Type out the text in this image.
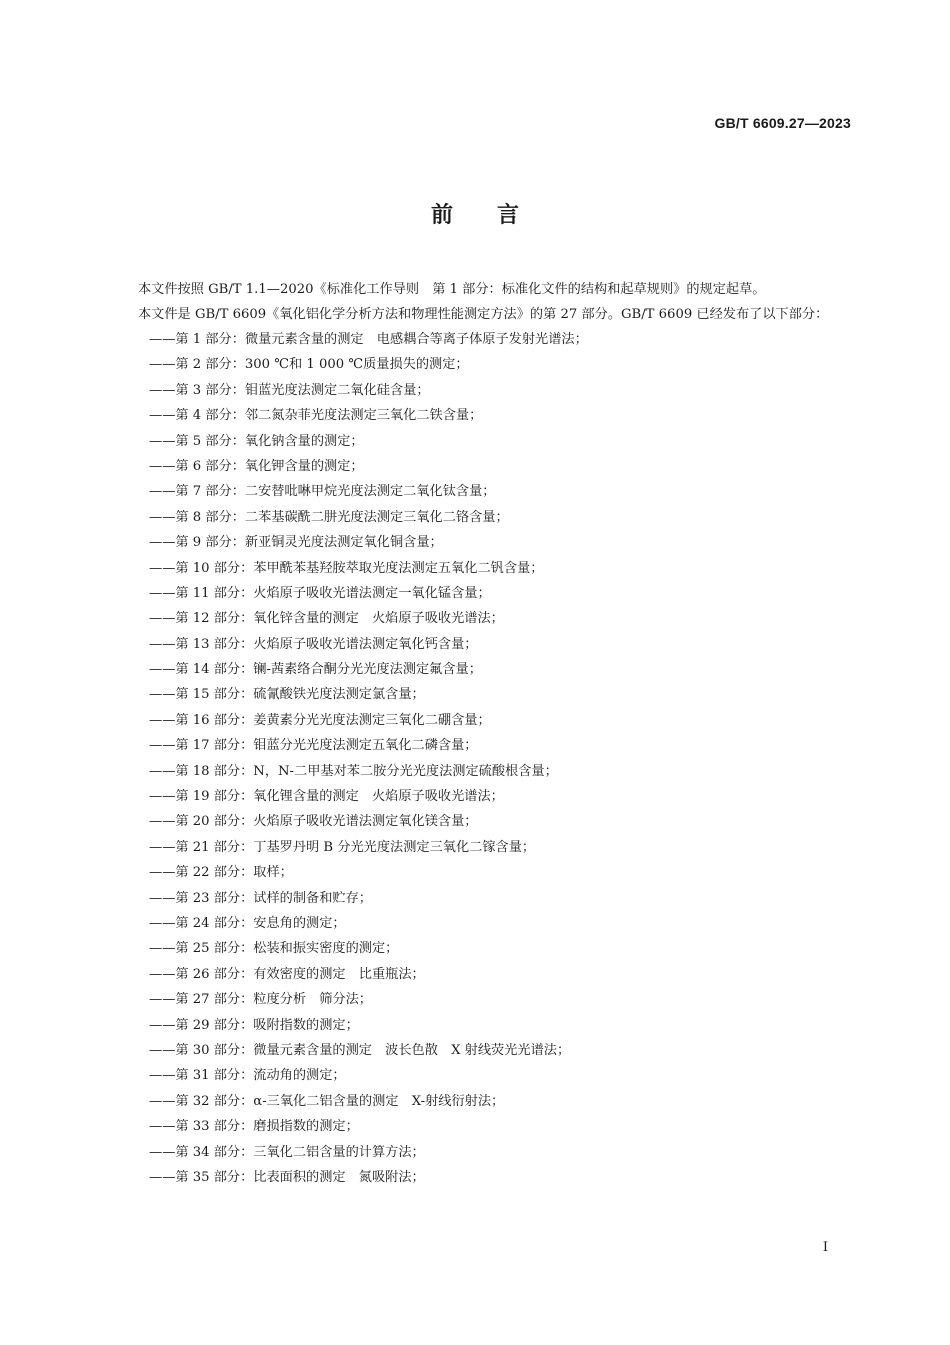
GB/T 6609.27—2023
前言

本文件按照 GB/T 1.1—2020《标准化工作导则　第 1 部分：标准化文件的结构和起草规则》的规定起草。

本文件是 GB/T 6609《氧化铝化学分析方法和物理性能测定方法》的第 27 部分。GB/T 6609 已经发布了以下部分：

——第 1 部分：微量元素含量的测定　电感耦合等离子体原子发射光谱法；
——第 2 部分：300 ℃和 1 000 ℃质量损失的测定；
——第 3 部分：钼蓝光度法测定二氧化硅含量；
——第 4 部分：邻二氮杂菲光度法测定三氧化二铁含量；
——第 5 部分：氧化钠含量的测定；
——第 6 部分：氧化钾含量的测定；
——第 7 部分：二安替吡啉甲烷光度法测定二氧化钛含量；
——第 8 部分：二苯基碳酰二肼光度法测定三氧化二铬含量；
——第 9 部分：新亚铜灵光度法测定氧化铜含量；
——第 10 部分：苯甲酰苯基羟胺萃取光度法测定五氧化二钒含量；
——第 11 部分：火焰原子吸收光谱法测定一氧化锰含量；
——第 12 部分：氧化锌含量的测定　火焰原子吸收光谱法；
——第 13 部分：火焰原子吸收光谱法测定氧化钙含量；
——第 14 部分：镧-茜素络合酮分光光度法测定氟含量；
——第 15 部分：硫氰酸铁光度法测定氯含量；
——第 16 部分：姜黄素分光光度法测定三氧化二硼含量；
——第 17 部分：钼蓝分光光度法测定五氧化二磷含量；
——第 18 部分：N，N-二甲基对苯二胺分光光度法测定硫酸根含量；
——第 19 部分：氧化锂含量的测定　火焰原子吸收光谱法；
——第 20 部分：火焰原子吸收光谱法测定氧化镁含量；
——第 21 部分：丁基罗丹明 B 分光光度法测定三氧化二镓含量；
——第 22 部分：取样；
——第 23 部分：试样的制备和贮存；
——第 24 部分：安息角的测定；
——第 25 部分：松装和振实密度的测定；
——第 26 部分：有效密度的测定　比重瓶法；
——第 27 部分：粒度分析　筛分法；
——第 29 部分：吸附指数的测定；
——第 30 部分：微量元素含量的测定　波长色散　X 射线荧光光谱法；
——第 31 部分：流动角的测定；
——第 32 部分：α-三氧化二铝含量的测定　X-射线衍射法；
——第 33 部分：磨损指数的测定；
——第 34 部分：三氧化二铝含量的计算方法；
——第 35 部分：比表面积的测定　氮吸附法；
I
